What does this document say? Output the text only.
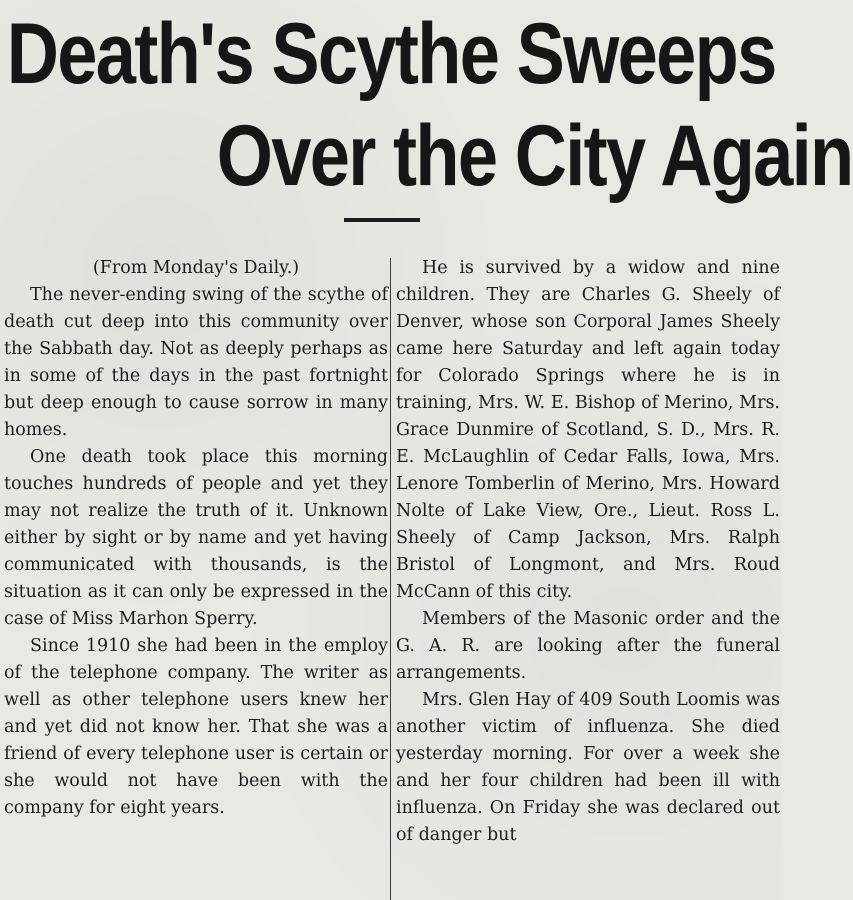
Death's Scythe Sweeps
Over the City Again

(From Monday's Daily.)

The never-ending swing of the scythe of death cut deep into this community over the Sabbath day. Not as deeply perhaps as in some of the days in the past fortnight but deep enough to cause sorrow in many homes.

One death took place this morning touches hundreds of people and yet they may not realize the truth of it. Unknown either by sight or by name and yet having communicated with thousands, is the situation as it can only be expressed in the case of Miss Marhon Sperry.

Since 1910 she had been in the employ of the telephone company. The writer as well as other telephone users knew her and yet did not know her. That she was a friend of every telephone user is certain or she would not have been with the company for eight years.

He is survived by a widow and nine children. They are Charles G. Sheely of Denver, whose son Corporal James Sheely came here Saturday and left again today for Colorado Springs where he is in training, Mrs. W. E. Bishop of Merino, Mrs. Grace Dunmire of Scotland, S. D., Mrs. R. E. McLaughlin of Cedar Falls, Iowa, Mrs. Lenore Tomberlin of Merino, Mrs. Howard Nolte of Lake View, Ore., Lieut. Ross L. Sheely of Camp Jackson, Mrs. Ralph Bristol of Longmont, and Mrs. Roud McCann of this city.

Members of the Masonic order and the G. A. R. are looking after the funeral arrangements.

Mrs. Glen Hay of 409 South Loomis was another victim of influenza. She died yesterday morning. For over a week she and her four children had been ill with influenza. On Friday she was declared out of danger but
